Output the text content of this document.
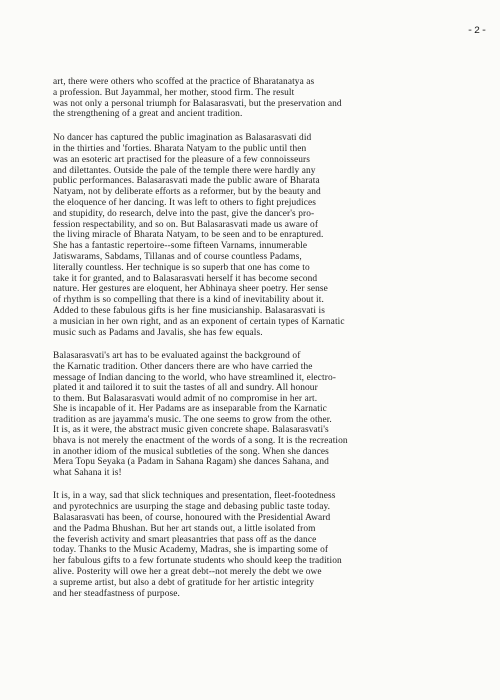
-2-
art, there were others who scoffed at the practice of Bharatanatya as
a profession. But Jayammal, her mother, stood firm. The result
was not only a personal triumph for Balasarasvati, but the preservation and
the strengthening of a great and ancient tradition.
No dancer has captured the public imagination as Balasarasvati did
in the thirties and 'forties. Bharata Natyam to the public until then
was an esoteric art practised for the pleasure of a few connoisseurs
and dilettantes. Outside the pale of the temple there were hardly any
public performances. Balasarasvati made the public aware of Bharata
Natyam, not by deliberate efforts as a reformer, but by the beauty and
the eloquence of her dancing. It was left to others to fight prejudices
and stupidity, do research, delve into the past, give the dancer's pro-
fession respectability, and so on. But Balasarasvati made us aware of
the living miracle of Bharata Natyam, to be seen and to be enraptured.
She has a fantastic repertoire--some fifteen Varnams, innumerable
Jatiswarams, Sabdams, Tillanas and of course countless Padams,
literally countless. Her technique is so superb that one has come to
take it for granted, and to Balasarasvati herself it has become second
nature. Her gestures are eloquent, her Abhinaya sheer poetry. Her sense
of rhythm is so compelling that there is a kind of inevitability about it.
Added to these fabulous gifts is her fine musicianship. Balasarasvati is
a musician in her own right, and as an exponent of certain types of Karnatic
music such as Padams and Javalis, she has few equals.
Balasarasvati's art has to be evaluated against the background of
the Karnatic tradition. Other dancers there are who have carried the
message of Indian dancing to the world, who have streamlined it, electro-
plated it and tailored it to suit the tastes of all and sundry. All honour
to them. But Balasarasvati would admit of no compromise in her art.
She is incapable of it. Her Padams are as inseparable from the Karnatic
tradition as are jayamma's music. The one seems to grow from the other.
It is, as it were, the abstract music given concrete shape. Balasarasvati's
bhava is not merely the enactment of the words of a song. It is the recreation
in another idiom of the musical subtleties of the song. When she dances
Mera Topu Seyaka (a Padam in Sahana Ragam) she dances Sahana, and
what Sahana it is!
It is, in a way, sad that slick techniques and presentation, fleet-footedness
and pyrotechnics are usurping the stage and debasing public taste today.
Balasarasvati has been, of course, honoured with the Presidential Award
and the Padma Bhushan. But her art stands out, a little isolated from
the feverish activity and smart pleasantries that pass off as the dance
today. Thanks to the Music Academy, Madras, she is imparting some of
her fabulous gifts to a few fortunate students who should keep the tradition
alive. Posterity will owe her a great debt--not merely the debt we owe
a supreme artist, but also a debt of gratitude for her artistic integrity
and her steadfastness of purpose.
